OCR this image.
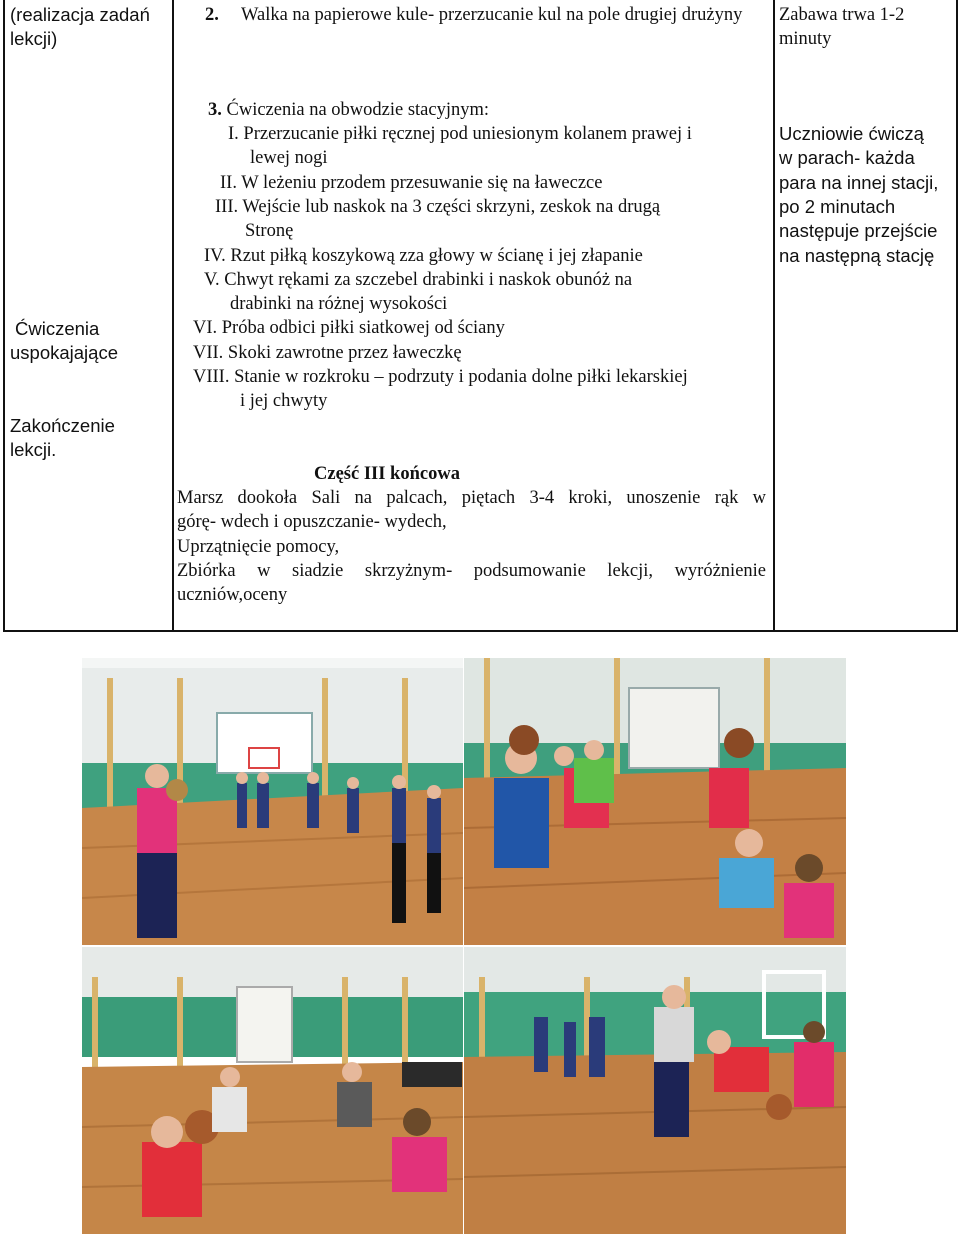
(realizacja zadań lekcji)
2. Walka na papierowe kule- przerzucanie kul na pole drugiej drużyny	Zabawa trwa 1-2 minuty
Ćwiczenia
uspokajające
Zakończenie
lekcji.
3. Ćwiczenia na obwodzie stacyjnym:
I. Przerzucanie piłki ręcznej pod uniesionym kolanem prawej i
lewej nogi
II. W leżeniu przodem przesuwanie się na ławeczce
III. Wejście lub naskok na 3 części skrzyni, zeskok na drugą
Stronę
IV. Rzut piłką koszykową zza głowy w ścianę i jej złapanie
V. Chwyt rękami za szczebel drabinki i naskok obunóż na
drabinki na różnej wysokości
VI. Próba odbici piłki siatkowej od ściany
VII. Skoki zawrotne przez ławeczkę
VIII. Stanie w rozkroku – podrzuty i podania dolne piłki lekarskiej
i jej chwyty
Część III końcowa
Marsz dookoła Sali na palcach, piętach 3-4 kroki, unoszenie rąk w
górę- wdech i opuszczanie- wydech,
Uprzątnięcie pomocy,
Zbiórka w siadzie skrzyżnym- podsumowanie lekcji, wyróżnienie
uczniów,oceny
Uczniowie ćwiczą
w parach- każda
para na innej stacji,
po 2 minutach
następuje przejście
na następną stację
